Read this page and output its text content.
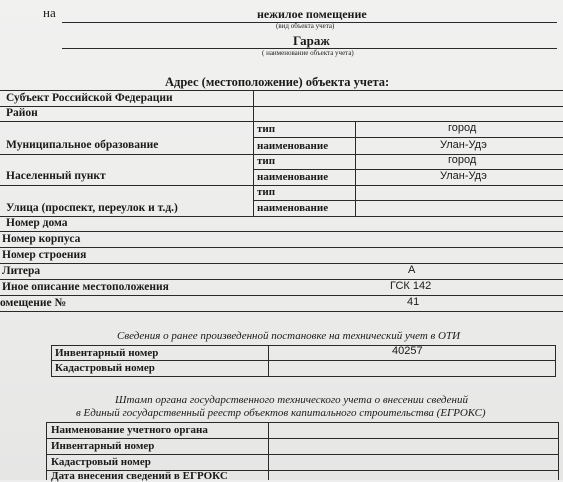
на	нежилое помещение
(вид объекта учета)
Гараж
( наименование объекта учета)
Адрес (местоположение) объекта учета:
Субъект Российской Федерации
Район
Муниципальное образование
тип	город
наименование	Улан-Удэ
Населенный пункт
тип	город
наименование	Улан-Удэ
Улица (проспект, переулок и т.д.)
тип
наименование
Номер дома
Номер корпуса
Номер строения
Литера	А
Иное описание местоположения	ГСК 142
омещение №	41
Сведения о ранее произведенной постановке на технический учет в ОТИ
Инвентарный номер	40257
Кадастровый номер
Штамп органа государственного технического учета о внесении сведений
в Единый государственный реестр объектов капитального строительства (ЕГРОКС)
Наименование учетного органа
Инвентарный номер
Кадастровый номер
Дата внесения сведений в ЕГРОКС
